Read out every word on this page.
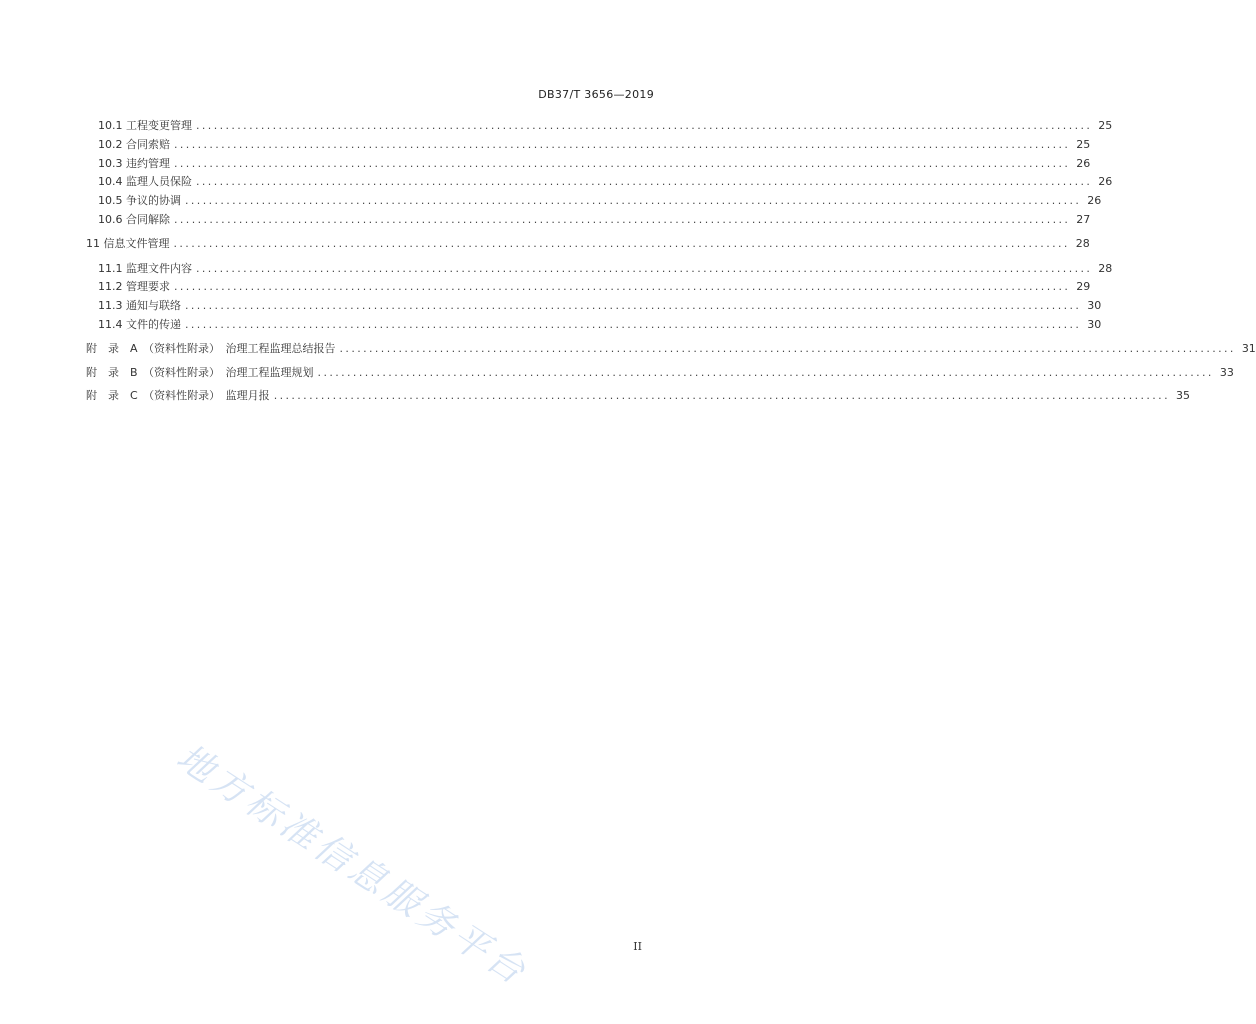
DB37/T 3656—2019
10.1 工程变更管理 ........................................................................................................................................................ 25
10.2 合同索赔 ........................................................................................................................................................ 25
10.3 违约管理 ........................................................................................................................................................ 26
10.4 监理人员保险 ........................................................................................................................................................ 26
10.5 争议的协调 ........................................................................................................................................................ 26
10.6 合同解除 ........................................................................................................................................................ 27
11 信息文件管理 ........................................................................................................................................................ 28
11.1 监理文件内容 ........................................................................................................................................................ 28
11.2 管理要求 ........................................................................................................................................................ 29
11.3 通知与联络 ........................................................................................................................................................ 30
11.4 文件的传递 ........................................................................................................................................................ 30
附　录　A　（资料性附录）　治理工程监理总结报告 ........................................................................................................................................................ 31
附　录　B　（资料性附录）　治理工程监理规划 ........................................................................................................................................................ 33
附　录　C　（资料性附录）　监理月报 ........................................................................................................................................................ 35
地方标准信息服务平台	II
